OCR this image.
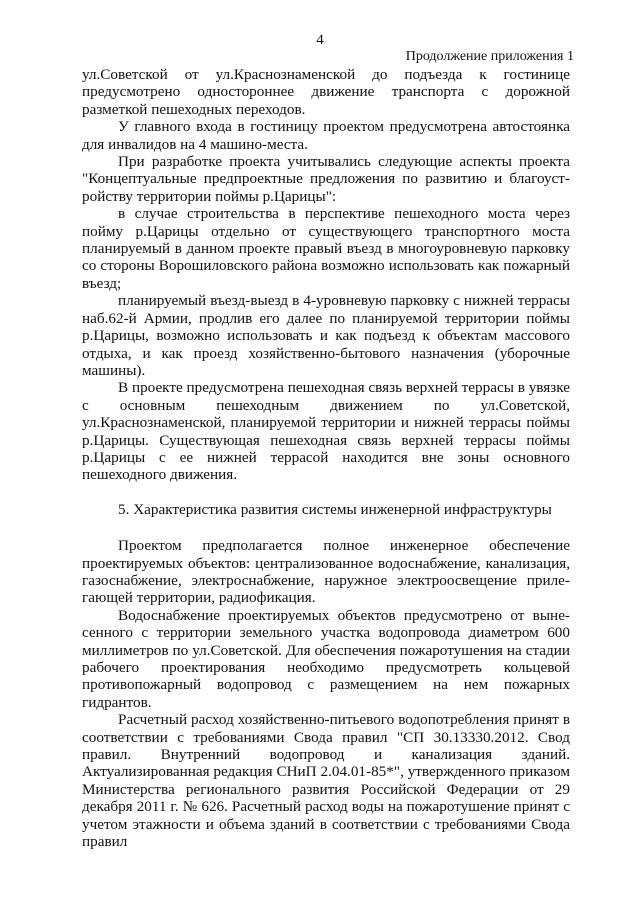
4
Продолжение приложения 1

ул.Советской от ул.Краснознаменской до подъезда к гостинице предусмотрено одностороннее движение транспорта с дорожной разметкой пешеходных переходов.

У главного входа в гостиницу проектом предусмотрена автостоянка для инвалидов на 4 машино-места.

При разработке проекта учитывались следующие аспекты проекта "Концептуальные предпроектные предложения по развитию и благоуст-ройству территории поймы р.Царицы":

в случае строительства в перспективе пешеходного моста через пойму р.Царицы отдельно от существующего транспортного моста планируемый в данном проекте правый въезд в многоуровневую парковку со стороны Ворошиловского района возможно использовать как пожарный въезд;

планируемый въезд-выезд в 4-уровневую парковку с нижней террасы наб.62-й Армии, продлив его далее по планируемой территории поймы р.Царицы, возможно использовать и как подъезд к объектам массового отдыха, и как проезд хозяйственно-бытового назначения (уборочные машины).

В проекте предусмотрена пешеходная связь верхней террасы в увязке с основным пешеходным движением по ул.Советской, ул.Краснознаменской, планируемой территории и нижней террасы поймы р.Царицы. Существующая пешеходная связь верхней террасы поймы р.Царицы с ее нижней террасой находится вне зоны основного пешеходного движения.

5. Характеристика развития системы инженерной инфраструктуры

Проектом предполагается полное инженерное обеспечение проектируемых объектов: централизованное водоснабжение, канализация, газоснабжение, электроснабжение, наружное электроосвещение приле-гающей территории, радиофикация.

Водоснабжение проектируемых объектов предусмотрено от выне-сенного с территории земельного участка водопровода диаметром 600 миллиметров по ул.Советской. Для обеспечения пожаротушения на стадии рабочего проектирования необходимо предусмотреть кольцевой противопожарный водопровод с размещением на нем пожарных гидрантов.

Расчетный расход хозяйственно-питьевого водопотребления принят в соответствии с требованиями Свода правил "СП 30.13330.2012. Свод правил. Внутренний водопровод и канализация зданий. Актуализированная редакция СНиП 2.04.01-85*", утвержденного приказом Министерства регионального развития Российской Федерации от 29 декабря 2011 г. № 626. Расчетный расход воды на пожаротушение принят с учетом этажности и объема зданий в соответствии с требованиями Свода правил
